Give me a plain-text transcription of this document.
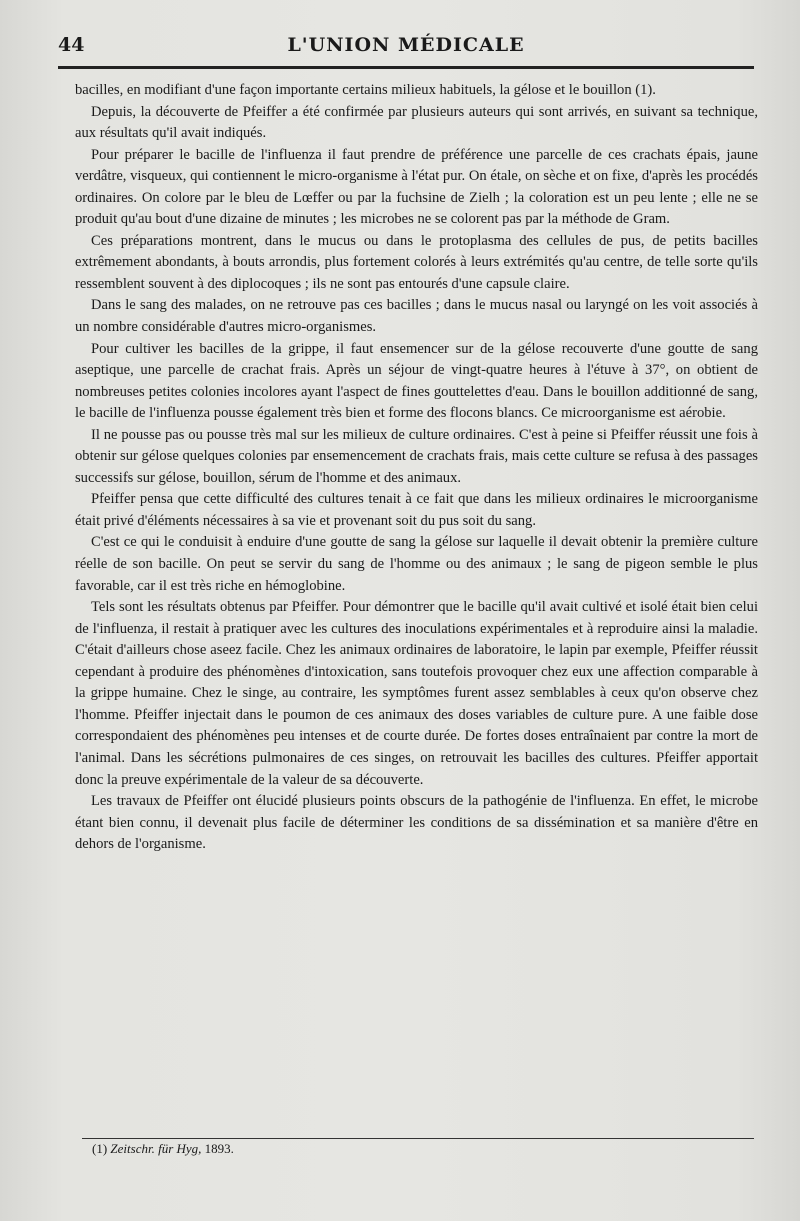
44	L'UNION MÉDICALE

bacilles, en modifiant d'une façon importante certains milieux habituels, la gélose et le bouillon (1).

Depuis, la découverte de Pfeiffer a été confirmée par plusieurs auteurs qui sont arrivés, en suivant sa technique, aux résultats qu'il avait indiqués.

Pour préparer le bacille de l'influenza il faut prendre de préférence une parcelle de ces crachats épais, jaune verdâtre, visqueux, qui contiennent le micro-organisme à l'état pur. On étale, on sèche et on fixe, d'après les procédés ordinaires. On colore par le bleu de Lœffer ou par la fuchsine de Zielh ; la coloration est un peu lente ; elle ne se produit qu'au bout d'une dizaine de minutes ; les microbes ne se colorent pas par la méthode de Gram.

Ces préparations montrent, dans le mucus ou dans le protoplasma des cellules de pus, de petits bacilles extrêmement abondants, à bouts arrondis, plus fortement colorés à leurs extrémités qu'au centre, de telle sorte qu'ils ressemblent souvent à des diplocoques ; ils ne sont pas entourés d'une capsule claire.

Dans le sang des malades, on ne retrouve pas ces bacilles ; dans le mucus nasal ou laryngé on les voit associés à un nombre considérable d'autres micro-organismes.

Pour cultiver les bacilles de la grippe, il faut ensemencer sur de la gélose recouverte d'une goutte de sang aseptique, une parcelle de crachat frais. Après un séjour de vingt-quatre heures à l'étuve à 37°, on obtient de nombreuses petites colonies incolores ayant l'aspect de fines gouttelettes d'eau. Dans le bouillon additionné de sang, le bacille de l'influenza pousse également très bien et forme des flocons blancs. Ce microorganisme est aérobie.

Il ne pousse pas ou pousse très mal sur les milieux de culture ordinaires. C'est à peine si Pfeiffer réussit une fois à obtenir sur gélose quelques colonies par ensemencement de crachats frais, mais cette culture se refusa à des passages successifs sur gélose, bouillon, sérum de l'homme et des animaux.

Pfeiffer pensa que cette difficulté des cultures tenait à ce fait que dans les milieux ordinaires le microorganisme était privé d'éléments nécessaires à sa vie et provenant soit du pus soit du sang.

C'est ce qui le conduisit à enduire d'une goutte de sang la gélose sur laquelle il devait obtenir la première culture réelle de son bacille. On peut se servir du sang de l'homme ou des animaux ; le sang de pigeon semble le plus favorable, car il est très riche en hémoglobine.

Tels sont les résultats obtenus par Pfeiffer. Pour démontrer que le bacille qu'il avait cultivé et isolé était bien celui de l'influenza, il restait à pratiquer avec les cultures des inoculations expérimentales et à reproduire ainsi la maladie. C'était d'ailleurs chose aseez facile. Chez les animaux ordinaires de laboratoire, le lapin par exemple, Pfeiffer réussit cependant à produire des phénomènes d'intoxication, sans toutefois provoquer chez eux une affection comparable à la grippe humaine. Chez le singe, au contraire, les symptômes furent assez semblables à ceux qu'on observe chez l'homme. Pfeiffer injectait dans le poumon de ces animaux des doses variables de culture pure. A une faible dose correspondaient des phénomènes peu intenses et de courte durée. De fortes doses entraînaient par contre la mort de l'animal. Dans les sécrétions pulmonaires de ces singes, on retrouvait les bacilles des cultures. Pfeiffer apportait donc la preuve expérimentale de la valeur de sa découverte.

Les travaux de Pfeiffer ont élucidé plusieurs points obscurs de la pathogénie de l'influenza. En effet, le microbe étant bien connu, il devenait plus facile de déterminer les conditions de sa dissémination et sa manière d'être en dehors de l'organisme.

(1) Zeitschr. für Hyg, 1893.
